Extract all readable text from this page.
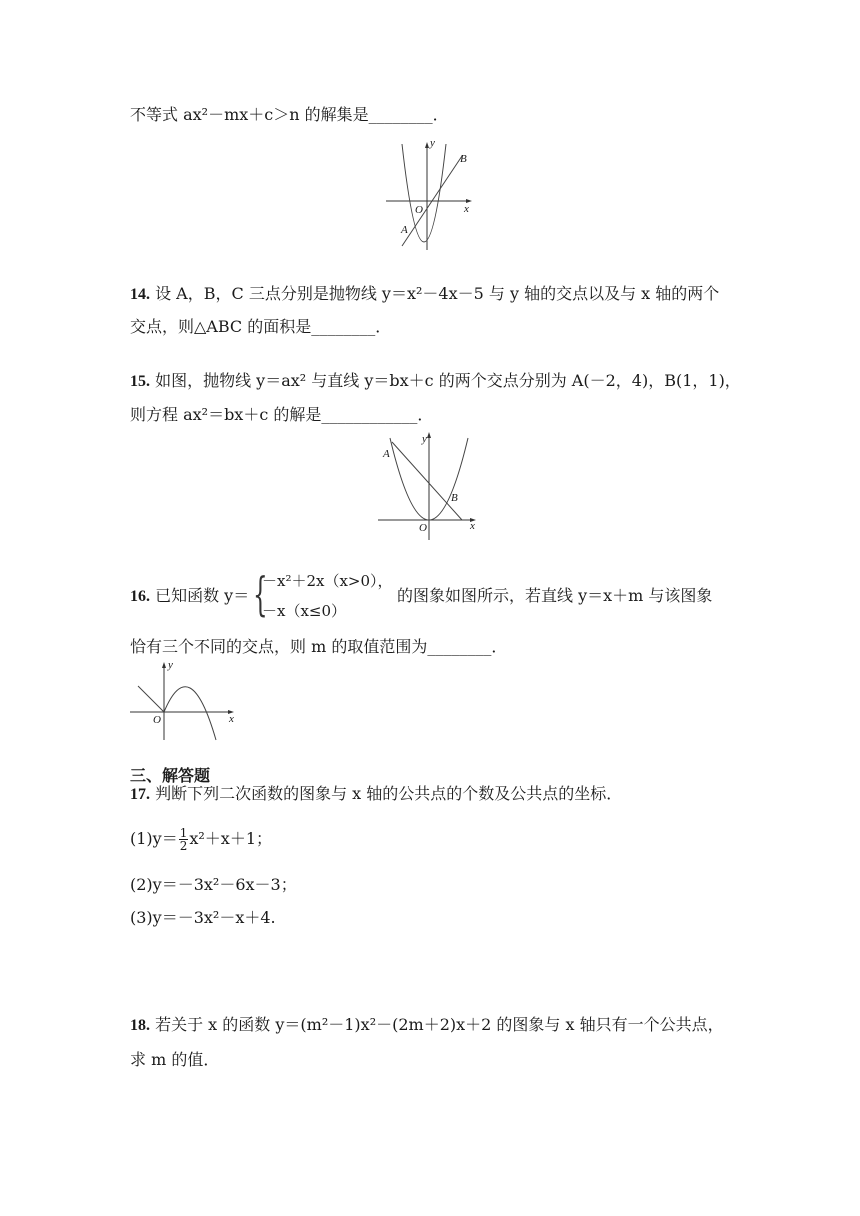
不等式 ax²－mx＋c＞n 的解集是________．
y
O	x
A
B
14. 设 A，B，C 三点分别是抛物线 y＝x²－4x－5 与 y 轴的交点以及与 x 轴的两个
交点，则△ABC 的面积是________．
15. 如图，抛物线 y＝ax² 与直线 y＝bx＋c 的两个交点分别为 A(－2，4)，B(1，1)，
则方程 ax²＝bx＋c 的解是____________．
y
A
B
O	x
16. 已知函数 y＝ {
－x²＋2x（x>0），
－x（x≤0）
的图象如图所示，若直线 y＝x＋m 与该图象
恰有三个不同的交点，则 m 的取值范围为________．
y
O	x
三、解答题
17. 判断下列二次函数的图象与 x 轴的公共点的个数及公共点的坐标．
$(1)y= \frac{1}{2} x^2+x+1$；
(2)y＝－3x²－6x－3；
(3)y＝－3x²－x＋4.
18. 若关于 x 的函数 y＝(m²－1)x²－(2m＋2)x＋2 的图象与 x 轴只有一个公共点，
求 m 的值．
